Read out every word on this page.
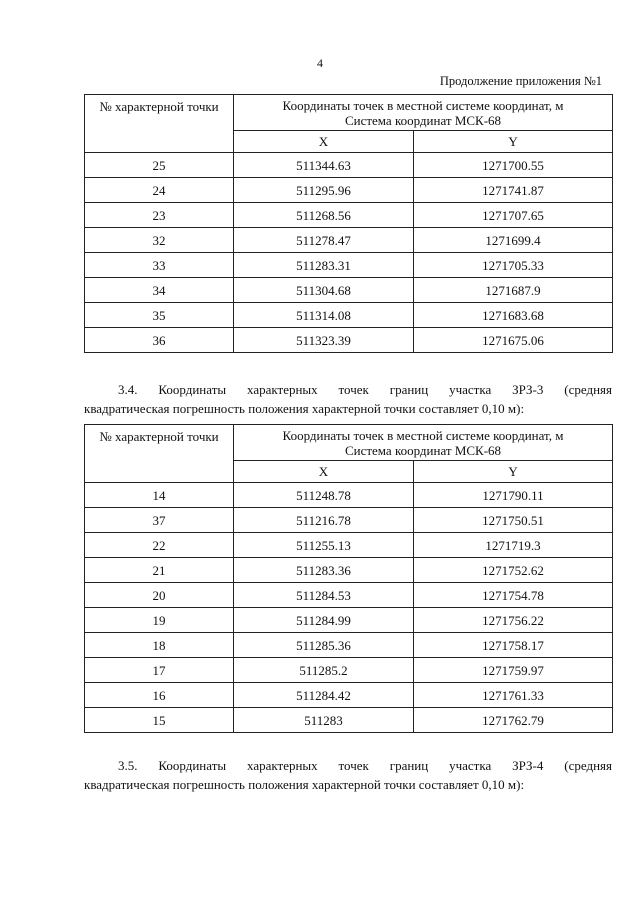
4
Продолжение приложения №1
№ характерной точки	Координаты точек в местной системе координат, м
Система координат МСК-68	
	X	Y
25	511344.63	1271700.55
24	511295.96	1271741.87
23	511268.56	1271707.65
32	511278.47	1271699.4
33	511283.31	1271705.33
34	511304.68	1271687.9
35	511314.08	1271683.68
36	511323.39	1271675.06
3.4. Координаты характерных точек границ участка ЗРЗ-3 (средняя
квадратическая погрешность положения характерной точки составляет 0,10 м):
№ характерной точки	Координаты точек в местной системе координат, м
Система координат МСК-68	
	X	Y
14	511248.78	1271790.11
37	511216.78	1271750.51
22	511255.13	1271719.3
21	511283.36	1271752.62
20	511284.53	1271754.78
19	511284.99	1271756.22
18	511285.36	1271758.17
17	511285.2	1271759.97
16	511284.42	1271761.33
15	511283	1271762.79
3.5. Координаты характерных точек границ участка ЗРЗ-4 (средняя
квадратическая погрешность положения характерной точки составляет 0,10 м):
